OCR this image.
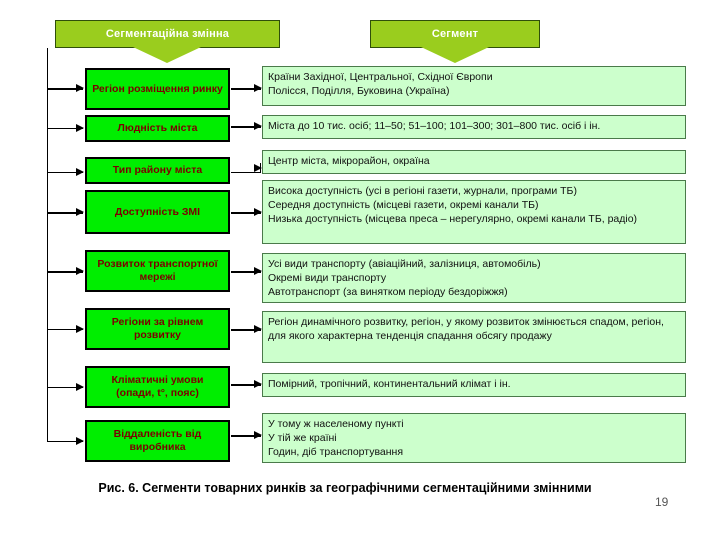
Сегментаційна змінна	Сегмент
Регіон розміщення ринку
Країни Західної, Центральної, Східної Європи
Полісся, Поділля, Буковина (Україна)
Людність міста	Міста до 10 тис. осіб; 11–50; 51–100; 101–300; 301–800 тис. осіб і ін.
Тип району міста
Центр міста, мікрорайон, окраїна
Доступність ЗМІ
Висока доступність (усі в регіоні газети, журнали, програми ТБ)
Середня доступність (місцеві газети, окремі канали ТБ)
Низька доступність (місцева преса – нерегулярно, окремі канали ТБ, радіо)
Розвиток транспортної мережі
Усі види транспорту (авіаційний, залізниця, автомобіль)
Окремі види транспорту
Автотранспорт (за винятком періоду бездоріжжя)
Регіони за рівнем розвитку
Регіон динамічного розвитку, регіон, у якому розвиток змінюється спадом, регіон, для якого характерна тенденція спадання обсягу продажу
Кліматичні умови (опади, t°, пояс)
Помірний, тропічний, континентальний клімат і ін.
Віддаленість від виробника
У тому ж населеному пункті
У тій же країні
Годин, діб транспортування
Рис. 6. Сегменти товарних ринків за географічними сегментаційними змінними
19
